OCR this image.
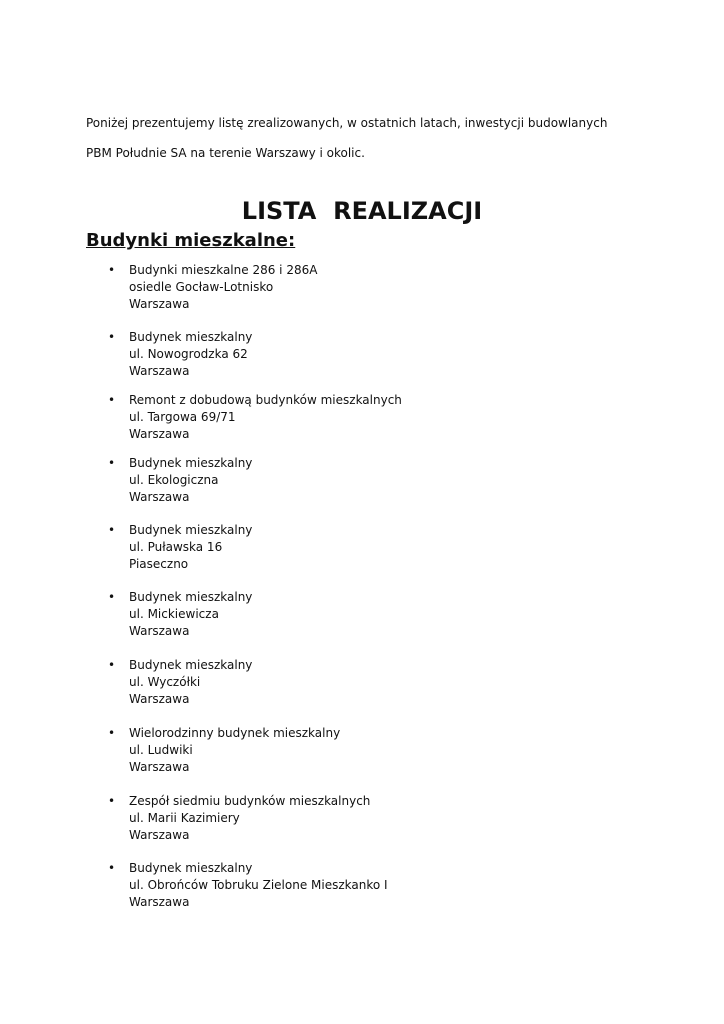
Poniżej prezentujemy listę zrealizowanych, w ostatnich latach, inwestycji budowlanych

PBM Południe SA na terenie Warszawy i okolic.

LISTA  REALIZACJI
Budynki mieszkalne:
• Budynki mieszkalne 286 i 286A
osiedle Gocław-Lotnisko
Warszawa
• Budynek mieszkalny
ul. Nowogrodzka 62
Warszawa
• Remont z dobudową budynków mieszkalnych
ul. Targowa 69/71
Warszawa
• Budynek mieszkalny
ul. Ekologiczna
Warszawa
• Budynek mieszkalny
ul. Puławska 16
Piaseczno
• Budynek mieszkalny
ul. Mickiewicza
Warszawa
• Budynek mieszkalny
ul. Wyczółki
Warszawa
• Wielorodzinny budynek mieszkalny
ul. Ludwiki
Warszawa
• Zespół siedmiu budynków mieszkalnych
ul. Marii Kazimiery
Warszawa
• Budynek mieszkalny
ul. Obrońców Tobruku Zielone Mieszkanko I
Warszawa
